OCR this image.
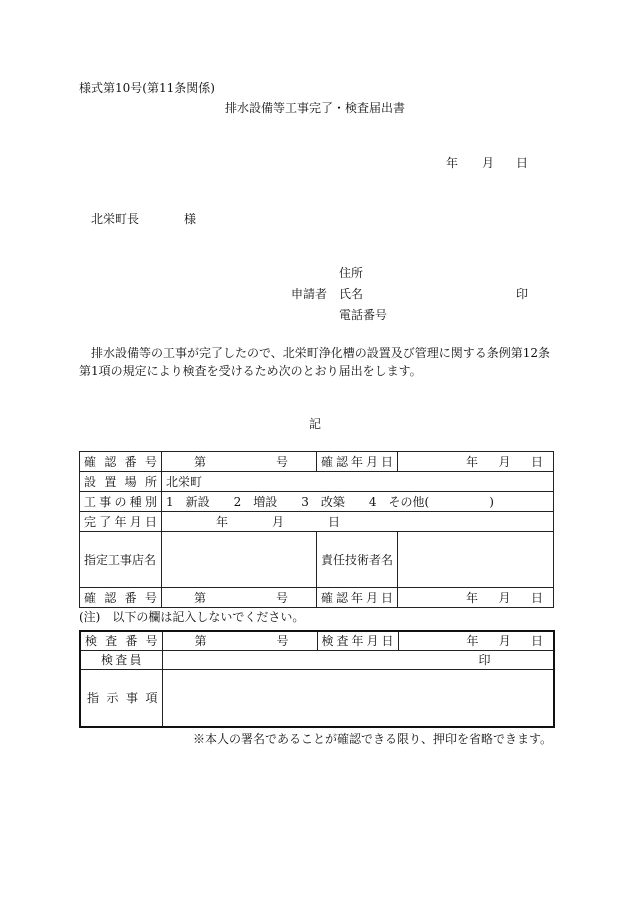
様式第10号(第11条関係)
排水設備等工事完了・検査届出書
年 月 日
北栄町長	様
住所
申請者 氏名	印
電話番号
排水設備等の工事が完了したので、北栄町浄化槽の設置及び管理に関する条例第12条第1項の規定により検査を受けるため次のとおり届出をします。
記
確認番号	第 号	確認年月日	年 月 日

設置場所	北栄町		
工事の種別	1　新設 2　増設 3　改築 4　その他(　　　　　)		
完了年月日	年 月 日		
指定工事店名		責任技術者名	
確認番号	第 号	確認年月日	年 月 日
(注)　以下の欄は記入しないでください。
検査番号	第 号	検査年月日	年 月 日

検査員	印		

指示事項			

※本人の署名であることが確認できる限り、押印を省略できます。
